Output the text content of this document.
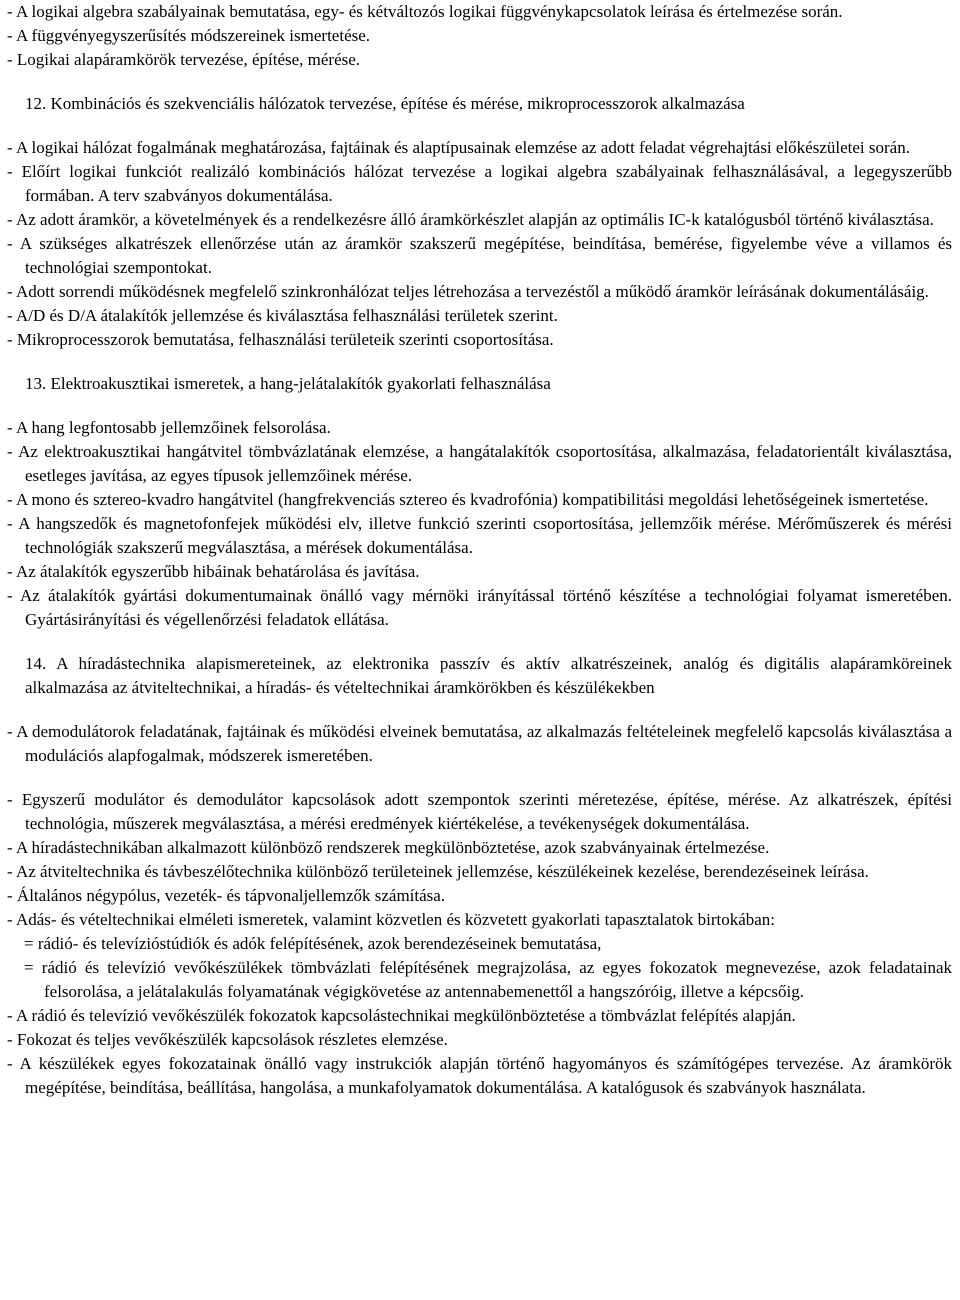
- A logikai algebra szabályainak bemutatása, egy- és kétváltozós logikai függvénykapcsolatok leírása és értelmezése során.

- A függvényegyszerűsítés módszereinek ismertetése.

- Logikai alapáramkörök tervezése, építése, mérése.

12. Kombinációs és szekvenciális hálózatok tervezése, építése és mérése, mikroprocesszorok alkalmazása

- A logikai hálózat fogalmának meghatározása, fajtáinak és alaptípusainak elemzése az adott feladat végrehajtási előkészületei során.

- Előírt logikai funkciót realizáló kombinációs hálózat tervezése a logikai algebra szabályainak felhasználásával, a legegyszerűbb formában. A terv szabványos dokumentálása.

- Az adott áramkör, a követelmények és a rendelkezésre álló áramkörkészlet alapján az optimális IC-k katalógusból történő kiválasztása.

- A szükséges alkatrészek ellenőrzése után az áramkör szakszerű megépítése, beindítása, bemérése, figyelembe véve a villamos és technológiai szempontokat.

- Adott sorrendi működésnek megfelelő szinkronhálózat teljes létrehozása a tervezéstől a működő áramkör leírásának dokumentálásáig.

- A/D és D/A átalakítók jellemzése és kiválasztása felhasználási területek szerint.

- Mikroprocesszorok bemutatása, felhasználási területeik szerinti csoportosítása.

13. Elektroakusztikai ismeretek, a hang-jelátalakítók gyakorlati felhasználása

- A hang legfontosabb jellemzőinek felsorolása.

- Az elektroakusztikai hangátvitel tömbvázlatának elemzése, a hangátalakítók csoportosítása, alkalmazása, feladatorientált kiválasztása, esetleges javítása, az egyes típusok jellemzőinek mérése.

- A mono és sztereo-kvadro hangátvitel (hangfrekvenciás sztereo és kvadrofónia) kompatibilitási megoldási lehetőségeinek ismertetése.

- A hangszedők és magnetofonfejek működési elv, illetve funkció szerinti csoportosítása, jellemzőik mérése. Mérőműszerek és mérési technológiák szakszerű megválasztása, a mérések dokumentálása.

- Az átalakítók egyszerűbb hibáinak behatárolása és javítása.

- Az átalakítók gyártási dokumentumainak önálló vagy mérnöki irányítással történő készítése a technológiai folyamat ismeretében. Gyártásirányítási és végellenőrzési feladatok ellátása.

14. A híradástechnika alapismereteinek, az elektronika passzív és aktív alkatrészeinek, analóg és digitális alapáramköreinek alkalmazása az átviteltechnikai, a híradás- és vételtechnikai áramkörökben és készülékekben

- A demodulátorok feladatának, fajtáinak és működési elveinek bemutatása, az alkalmazás feltételeinek megfelelő kapcsolás kiválasztása a modulációs alapfogalmak, módszerek ismeretében.

- Egyszerű modulátor és demodulátor kapcsolások adott szempontok szerinti méretezése, építése, mérése. Az alkatrészek, építési technológia, műszerek megválasztása, a mérési eredmények kiértékelése, a tevékenységek dokumentálása.

- A híradástechnikában alkalmazott különböző rendszerek megkülönböztetése, azok szabványainak értelmezése.

- Az átviteltechnika és távbeszélőtechnika különböző területeinek jellemzése, készülékeinek kezelése, berendezéseinek leírása.

- Általános négypólus, vezeték- és tápvonaljellemzők számítása.

- Adás- és vételtechnikai elméleti ismeretek, valamint közvetlen és közvetett gyakorlati tapasztalatok birtokában:

= rádió- és televízióstúdiók és adók felépítésének, azok berendezéseinek bemutatása,

= rádió és televízió vevőkészülékek tömbvázlati felépítésének megrajzolása, az egyes fokozatok megnevezése, azok feladatainak felsorolása, a jelátalakulás folyamatának végigkövetése az antennabemenettől a hangszóróig, illetve a képcsőig.

- A rádió és televízió vevőkészülék fokozatok kapcsolástechnikai megkülönböztetése a tömbvázlat felépítés alapján.

- Fokozat és teljes vevőkészülék kapcsolások részletes elemzése.

- A készülékek egyes fokozatainak önálló vagy instrukciók alapján történő hagyományos és számítógépes tervezése. Az áramkörök megépítése, beindítása, beállítása, hangolása, a munkafolyamatok dokumentálása. A katalógusok és szabványok használata.
